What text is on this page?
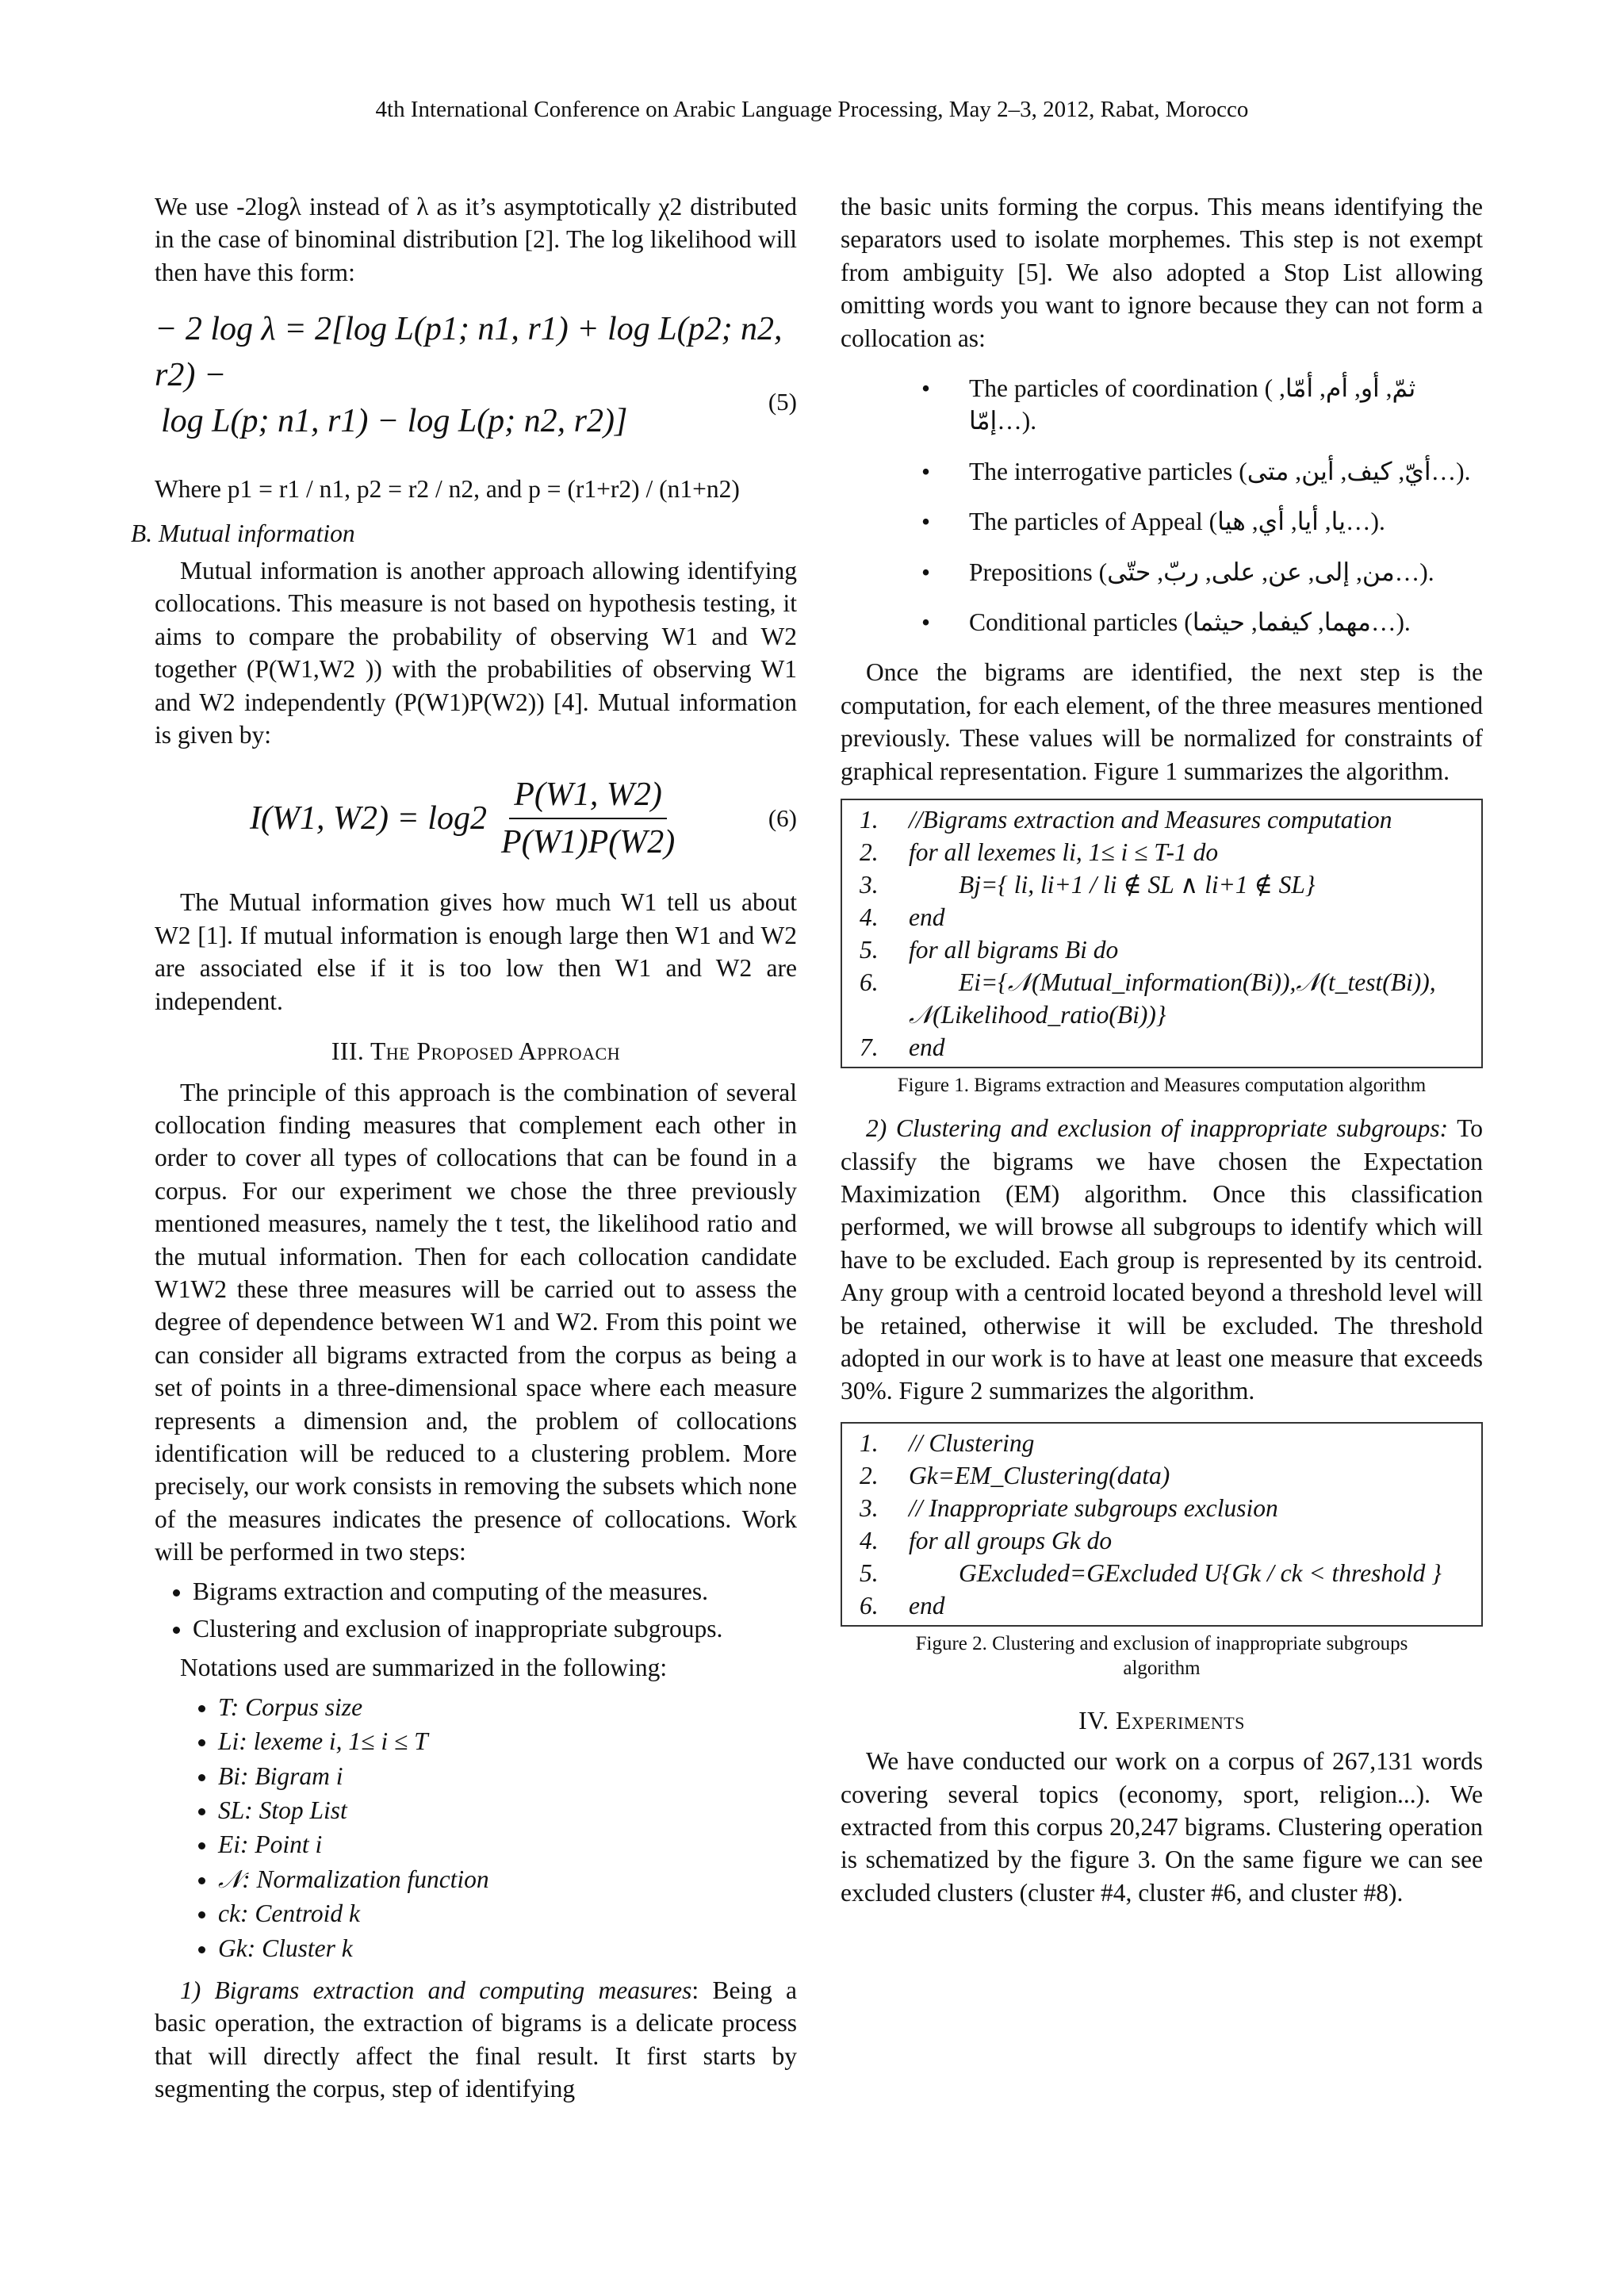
4th International Conference on Arabic Language Processing, May 2–3, 2012, Rabat, Morocco

We use -2logλ instead of λ as it’s asymptotically χ2 distributed in the case of binominal distribution [2]. The log likelihood will then have this form:

− 2 log λ = 2[log L(p1; n1, r1) + log L(p2; n2, r2) −
log L(p; n1, r1) − log L(p; n2, r2)]
(5)

Where p1 = r1 / n1, p2 = r2 / n2, and p = (r1+r2) / (n1+n2)

B. Mutual information

Mutual information is another approach allowing identifying collocations. This measure is not based on hypothesis testing, it aims to compare the probability of observing W1 and W2 together (P(W1,W2 )) with the probabilities of observing W1 and W2 independently (P(W1)P(W2)) [4]. Mutual information is given by:

I(W1, $W2) = \log 2 \frac{P(W1, W2)}{P(W1)P(W2)}$	(6)

The Mutual information gives how much W1 tell us about W2 [1]. If mutual information is enough large then W1 and W2 are associated else if it is too low then W1 and W2 are independent.

III. The Proposed Approach

The principle of this approach is the combination of several collocation finding measures that complement each other in order to cover all types of collocations that can be found in a corpus. For our experiment we chose the three previously mentioned measures, namely the t test, the likelihood ratio and the mutual information. Then for each collocation candidate W1W2 these three measures will be carried out to assess the degree of dependence between W1 and W2. From this point we can consider all bigrams extracted from the corpus as being a set of points in a three-dimensional space where each measure represents a dimension and, the problem of collocations identification will be reduced to a clustering problem. More precisely, our work consists in removing the subsets which none of the measures indicates the presence of collocations. Work will be performed in two steps:

• Bigrams extraction and computing of the measures.
• Clustering and exclusion of inappropriate subgroups.

Notations used are summarized in the following:

• T: Corpus size
• Li: lexeme i, 1≤ i ≤ T
• Bi: Bigram i
• SL: Stop List
• Ei: Point i
• 𝒩: Normalization function
• ck: Centroid k
• Gk: Cluster k

1) Bigrams extraction and computing measures: Being a basic operation, the extraction of bigrams is a delicate process that will directly affect the final result. It first starts by segmenting the corpus, step of identifying

the basic units forming the corpus. This means identifying the separators used to isolate morphemes. This step is not exempt from ambiguity [5]. We also adopted a Stop List allowing omitting words you want to ignore because they can not form a collocation as:

• The particles of coordination ( ثمّ, أو, أم, أمّا, إمّا…).
• The interrogative particles (أيّ, كيف, أين, متى…).
• The particles of Appeal (يا, أيا, أي, هيا…).
• Prepositions (من, إلى, عن, على, ربّ, حتّى…).
• Conditional particles (مهما, كيفما, حيثما…).

Once the bigrams are identified, the next step is the computation, for each element, of the three measures mentioned previously. These values will be normalized for constraints of graphical representation. Figure 1 summarizes the algorithm.

1.	//Bigrams extraction and Measures computation
2.	for all lexemes li, 1≤ i ≤ T-1 do
3.	Bj={ li, li+1 / li ∉ SL ∧ li+1 ∉ SL}
4.	end
5.	for all bigrams Bi do
6.	Ei={𝒩(Mutual_information(Bi)),𝒩(t_test(Bi)),
𝒩(Likelihood_ratio(Bi))}
7.	end
Figure 1. Bigrams extraction and Measures computation algorithm

2) Clustering and exclusion of inappropriate subgroups: To classify the bigrams we have chosen the Expectation Maximization (EM) algorithm. Once this classification performed, we will browse all subgroups to identify which will have to be excluded. Each group is represented by its centroid. Any group with a centroid located beyond a threshold level will be retained, otherwise it will be excluded. The threshold adopted in our work is to have at least one measure that exceeds 30%. Figure 2 summarizes the algorithm.

1.	// Clustering
2.	Gk=EM_Clustering(data)
3.	// Inappropriate subgroups exclusion
4.	for all groups Gk do
5.	GExcluded=GExcluded U{Gk / ck < threshold }
6.	end
Figure 2. Clustering and exclusion of inappropriate subgroups algorithm
IV. Experiments

We have conducted our work on a corpus of 267,131 words covering several topics (economy, sport, religion...). We extracted from this corpus 20,247 bigrams. Clustering operation is schematized by the figure 3. On the same figure we can see excluded clusters (cluster #4, cluster #6, and cluster #8).
